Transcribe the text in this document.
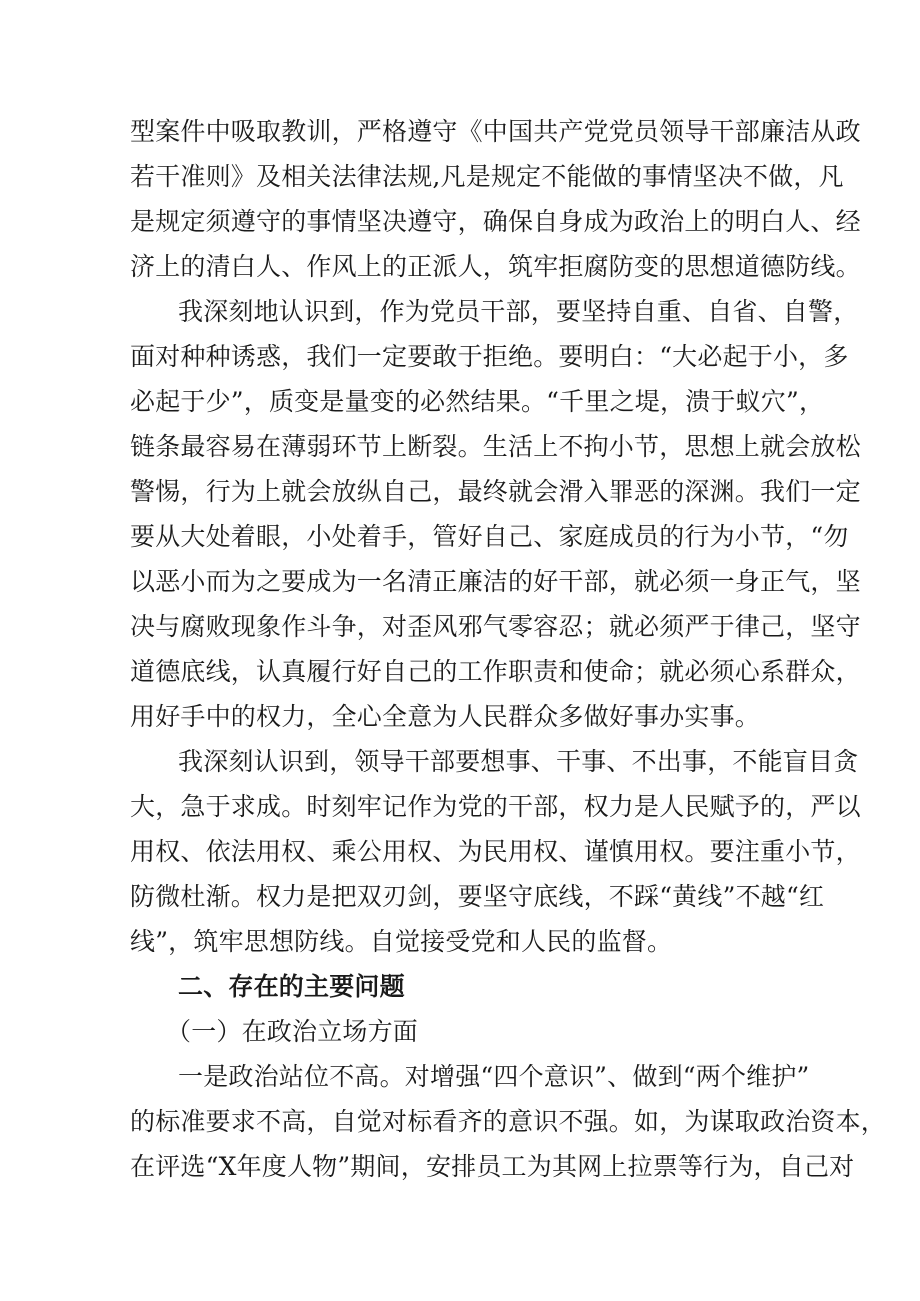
型案件中吸取教训，严格遵守《中国共产党党员领导干部廉洁从政
若干准则》及相关法律法规,凡是规定不能做的事情坚决不做，凡
是规定须遵守的事情坚决遵守，确保自身成为政治上的明白人、经
济上的清白人、作风上的正派人，筑牢拒腐防变的思想道德防线。
我深刻地认识到，作为党员干部，要坚持自重、自省、自警，
面对种种诱惑，我们一定要敢于拒绝。要明白：“大必起于小，多
必起于少”，质变是量变的必然结果。“千里之堤，溃于蚁穴”，
链条最容易在薄弱环节上断裂。生活上不拘小节，思想上就会放松
警惕，行为上就会放纵自己，最终就会滑入罪恶的深渊。我们一定
要从大处着眼，小处着手，管好自己、家庭成员的行为小节，“勿
以恶小而为之要成为一名清正廉洁的好干部，就必须一身正气，坚
决与腐败现象作斗争，对歪风邪气零容忍；就必须严于律己，坚守
道德底线，认真履行好自己的工作职责和使命；就必须心系群众，
用好手中的权力，全心全意为人民群众多做好事办实事。
我深刻认识到，领导干部要想事、干事、不出事，不能盲目贪
大，急于求成。时刻牢记作为党的干部，权力是人民赋予的，严以
用权、依法用权、乘公用权、为民用权、谨慎用权。要注重小节，
防微杜渐。权力是把双刃剑，要坚守底线，不踩“黄线”不越“红
线”，筑牢思想防线。自觉接受党和人民的监督。
二、存在的主要问题
（一）在政治立场方面
一是政治站位不高。对增强“四个意识”、做到“两个维护”
的标准要求不高，自觉对标看齐的意识不强。如，为谋取政治资本，
在评选“X年度人物”期间，安排员工为其网上拉票等行为，自己对
